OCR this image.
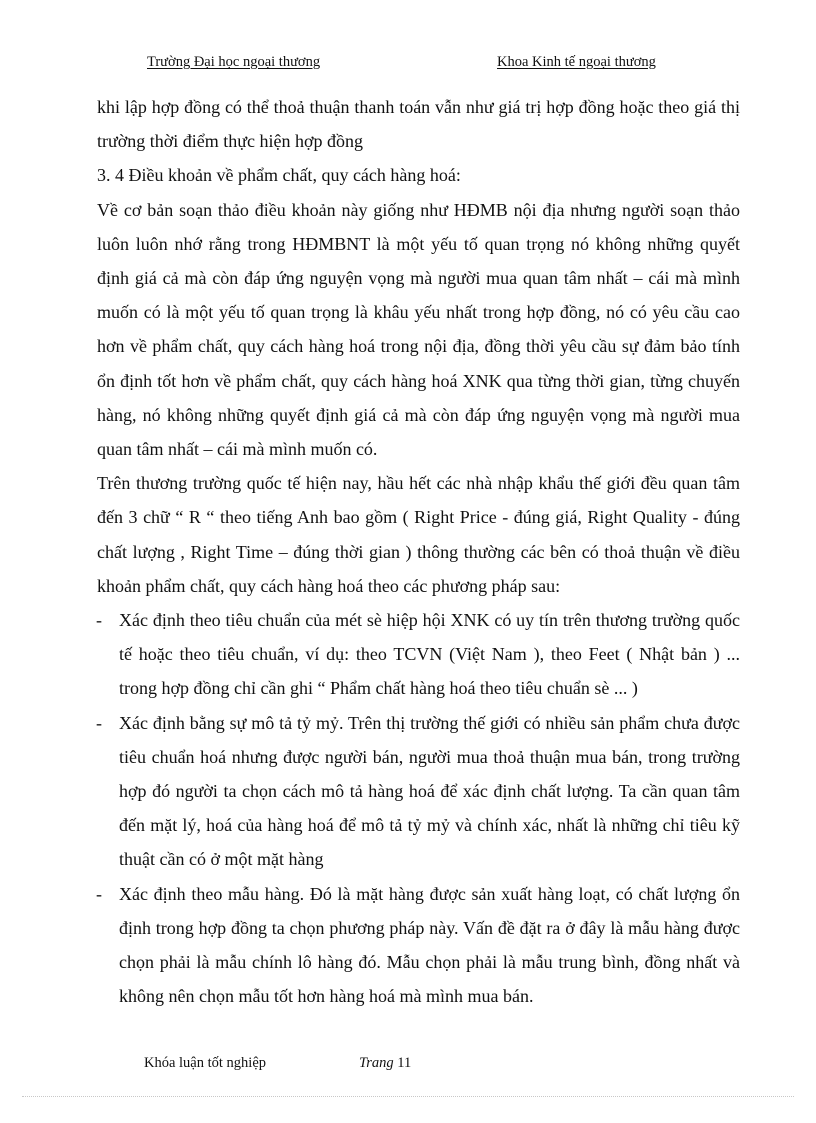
Trường Đại học ngoại thương	Khoa Kinh tế ngoại thương

khi lập hợp đồng có thể thoả thuận thanh toán vẫn như giá trị hợp đồng hoặc theo giá thị trường thời điểm thực hiện hợp đồng

3. 4 Điều khoản về phẩm chất, quy cách hàng hoá:

Về cơ bản soạn thảo điều khoản này giống như HĐMB nội địa nhưng người soạn thảo luôn luôn nhớ rằng trong HĐMBNT là một yếu tố quan trọng nó không những quyết định giá cả mà còn đáp ứng nguyện vọng mà người mua quan tâm nhất – cái mà mình muốn có là một yếu tố quan trọng là khâu yếu nhất trong hợp đồng, nó có yêu cầu cao hơn về phẩm chất, quy cách hàng hoá trong nội địa, đồng thời yêu cầu sự đảm bảo tính ổn định tốt hơn về phẩm chất, quy cách hàng hoá XNK qua từng thời gian, từng chuyến hàng, nó không những quyết định giá cả mà còn đáp ứng nguyện vọng mà người mua quan tâm nhất – cái mà mình muốn có.

Trên thương trường quốc tế hiện nay, hầu hết các nhà nhập khẩu thế giới đều quan tâm đến 3 chữ “ R “ theo tiếng Anh bao gồm ( Right Price - đúng giá, Right Quality - đúng chất lượng , Right Time – đúng thời gian ) thông thường các bên có thoả thuận về điều khoản phẩm chất, quy cách hàng hoá theo các phương pháp sau:

- Xác định theo tiêu chuẩn của mét sè hiệp hội XNK có uy tín trên thương trường quốc tế hoặc theo tiêu chuẩn, ví dụ: theo TCVN (Việt Nam ), theo Feet ( Nhật bản ) ... trong hợp đồng chỉ cần ghi “ Phẩm chất hàng hoá theo tiêu chuẩn sè ... )
- Xác định bằng sự mô tả tỷ mỷ. Trên thị trường thế giới có nhiều sản phẩm chưa được tiêu chuẩn hoá nhưng được người bán, người mua thoả thuận mua bán, trong trường hợp đó người ta chọn cách mô tả hàng hoá để xác định chất lượng. Ta cần quan tâm đến mặt lý, hoá của hàng hoá để mô tả tỷ mỷ và chính xác, nhất là những chỉ tiêu kỹ thuật cần có ở một mặt hàng
- Xác định theo mẫu hàng. Đó là mặt hàng được sản xuất hàng loạt, có chất lượng ổn định trong hợp đồng ta chọn phương pháp này. Vấn đề đặt ra ở đây là mẫu hàng được chọn phải là mẫu chính lô hàng đó. Mẫu chọn phải là mẫu trung bình, đồng nhất và không nên chọn mẫu tốt hơn hàng hoá mà mình mua bán.
Khóa luận tốt nghiệp	Trang 11
